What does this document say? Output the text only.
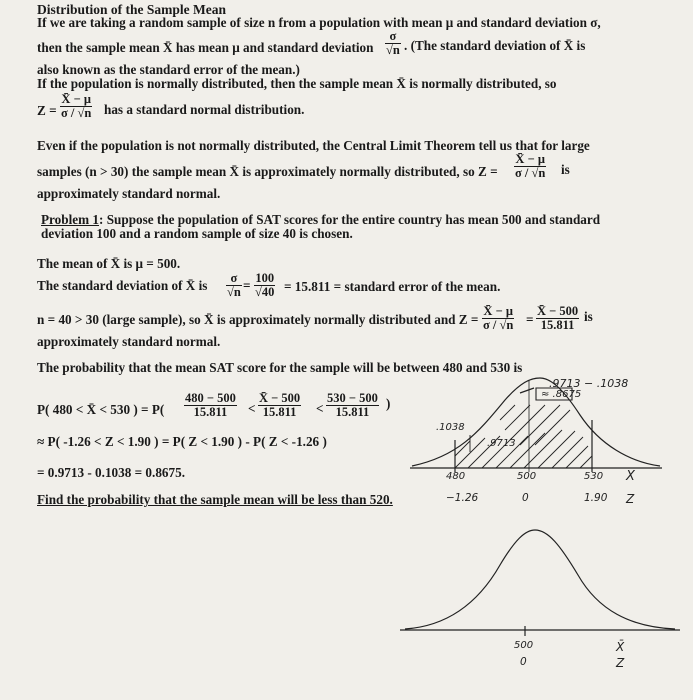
Distribution of the Sample Mean
If we are taking a random sample of size n from a population with mean μ and standard deviation σ,
then the sample mean X̄ has mean μ and standard deviation $\frac{\sigma}{√n}$ . (The standard deviation of X̄ is
also known as the standard error of the mean.)
If the population is normally distributed, then the sample mean X̄ is normally distributed, so
$Z = \frac{X̄ - \mu}{\sigma / √n}$ has a standard normal distribution.
Even if the population is not normally distributed, the Central Limit Theorem tell us that for large
samples (n > 30) the sample mean X̄ is approximately normally distributed, so $Z = \frac{X̄ - \mu}{\sigma / √n}$ is
approximately standard normal.
Problem 1: Suppose the population of SAT scores for the entire country has mean 500 and standard
deviation 100 and a random sample of size 40 is chosen.
The mean of X̄ is μ = 500.
The standard deviation of X̄ is $\frac{\sigma}{√n} = \frac{100}{√40} = 15.811$ = standard error of the mean.
n = 40 > 30 (large sample), so X̄ is approximately normally distributed and $Z = \frac{X̄ - \mu}{\sigma / √n} = \frac{X̄ - 500}{15.811}$ is
approximately standard normal.
The probability that the mean SAT score for the sample will be between 480 and 530 is
P( 480 < X̄ < 530 ) = $P( \frac{480 - 500}{15.811} < \frac{X̄ - 500}{15.811} < \frac{530 - 500}{15.811}$ )
≈ P( -1.26 < Z < 1.90 ) = P( Z < 1.90 ) - P( Z < -1.26 )
= 0.9713 - 0.1038 = 0.8675.
Find the probability that the sample mean will be less than 520.
.9713 − .1038
≈ .8675
.1038
.9713
480	500	530 X̄
−1.26	0	1.90 Z
500
0
X̄
Z
